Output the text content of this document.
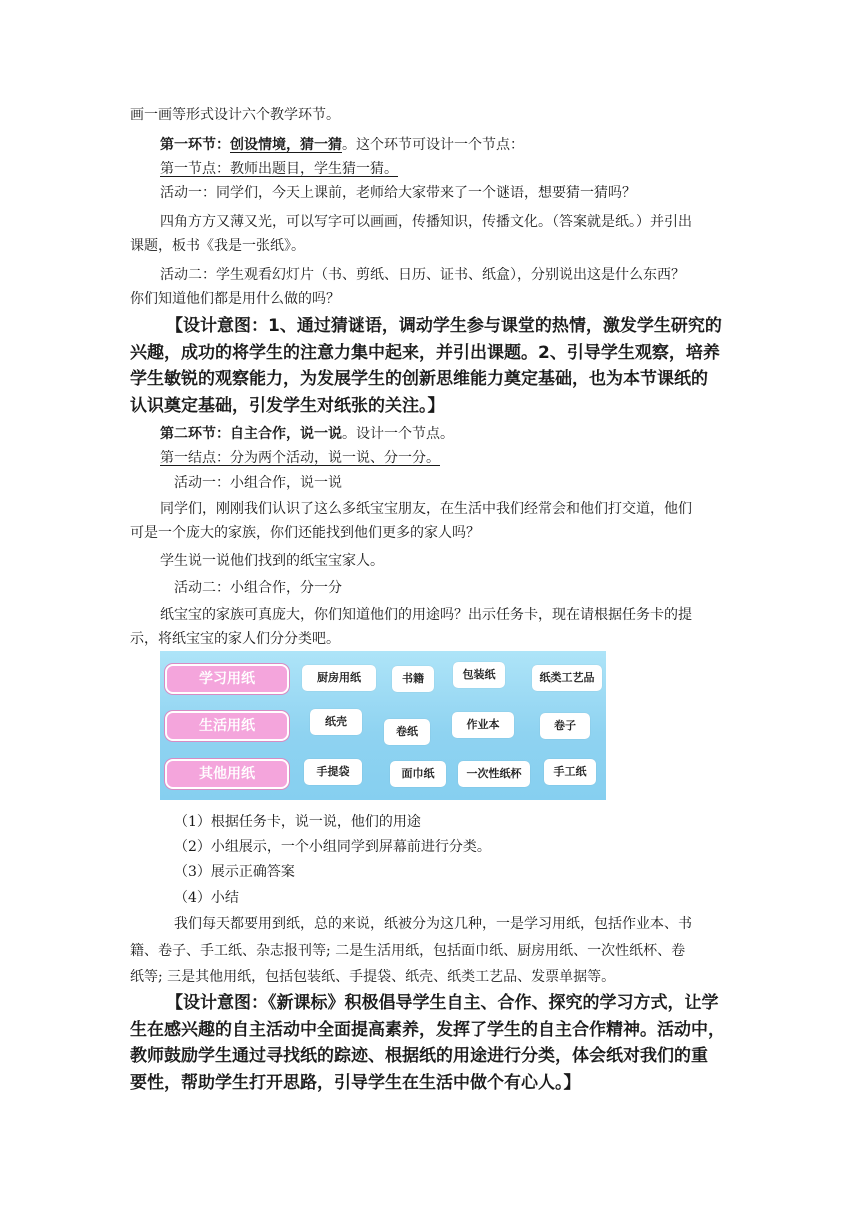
画一画等形式设计六个教学环节。
第一环节：创设情境，猜一猜。这个环节可设计一个节点：
第一节点：教师出题目，学生猜一猜。
活动一：同学们，今天上课前，老师给大家带来了一个谜语，想要猜一猜吗？
四角方方又薄又光，可以写字可以画画，传播知识，传播文化。（答案就是纸。）并引出
课题，板书《我是一张纸》。
活动二：学生观看幻灯片（书、剪纸、日历、证书、纸盒），分别说出这是什么东西？
你们知道他们都是用什么做的吗？
【设计意图：1、通过猜谜语，调动学生参与课堂的热情，激发学生研究的
兴趣，成功的将学生的注意力集中起来，并引出课题。2、引导学生观察，培养
学生敏锐的观察能力，为发展学生的创新思维能力奠定基础，也为本节课纸的
认识奠定基础，引发学生对纸张的关注。】
第二环节：自主合作，说一说。设计一个节点。
第一结点：分为两个活动，说一说、分一分。
活动一：小组合作，说一说
同学们，刚刚我们认识了这么多纸宝宝朋友，在生活中我们经常会和他们打交道，他们
可是一个庞大的家族，你们还能找到他们更多的家人吗？
学生说一说他们找到的纸宝宝家人。
活动二：小组合作，分一分
纸宝宝的家族可真庞大，你们知道他们的用途吗？出示任务卡，现在请根据任务卡的提
示，将纸宝宝的家人们分分类吧。
学习用纸
生活用纸
其他用纸
厨房用纸	书籍	包装纸	纸类工艺品
纸壳
卷纸
作业本	卷子
手提袋	面巾纸	一次性纸杯	手工纸
（1）根据任务卡，说一说，他们的用途
（2）小组展示，一个小组同学到屏幕前进行分类。
（3）展示正确答案
（4）小结
我们每天都要用到纸，总的来说，纸被分为这几种，一是学习用纸，包括作业本、书
籍、卷子、手工纸、杂志报刊等; 二是生活用纸，包括面巾纸、厨房用纸、一次性纸杯、卷
纸等; 三是其他用纸，包括包装纸、手提袋、纸壳、纸类工艺品、发票单据等。
【设计意图：《新课标》积极倡导学生自主、合作、探究的学习方式，让学
生在感兴趣的自主活动中全面提高素养，发挥了学生的自主合作精神。活动中，
教师鼓励学生通过寻找纸的踪迹、根据纸的用途进行分类，体会纸对我们的重
要性，帮助学生打开思路，引导学生在生活中做个有心人。】
